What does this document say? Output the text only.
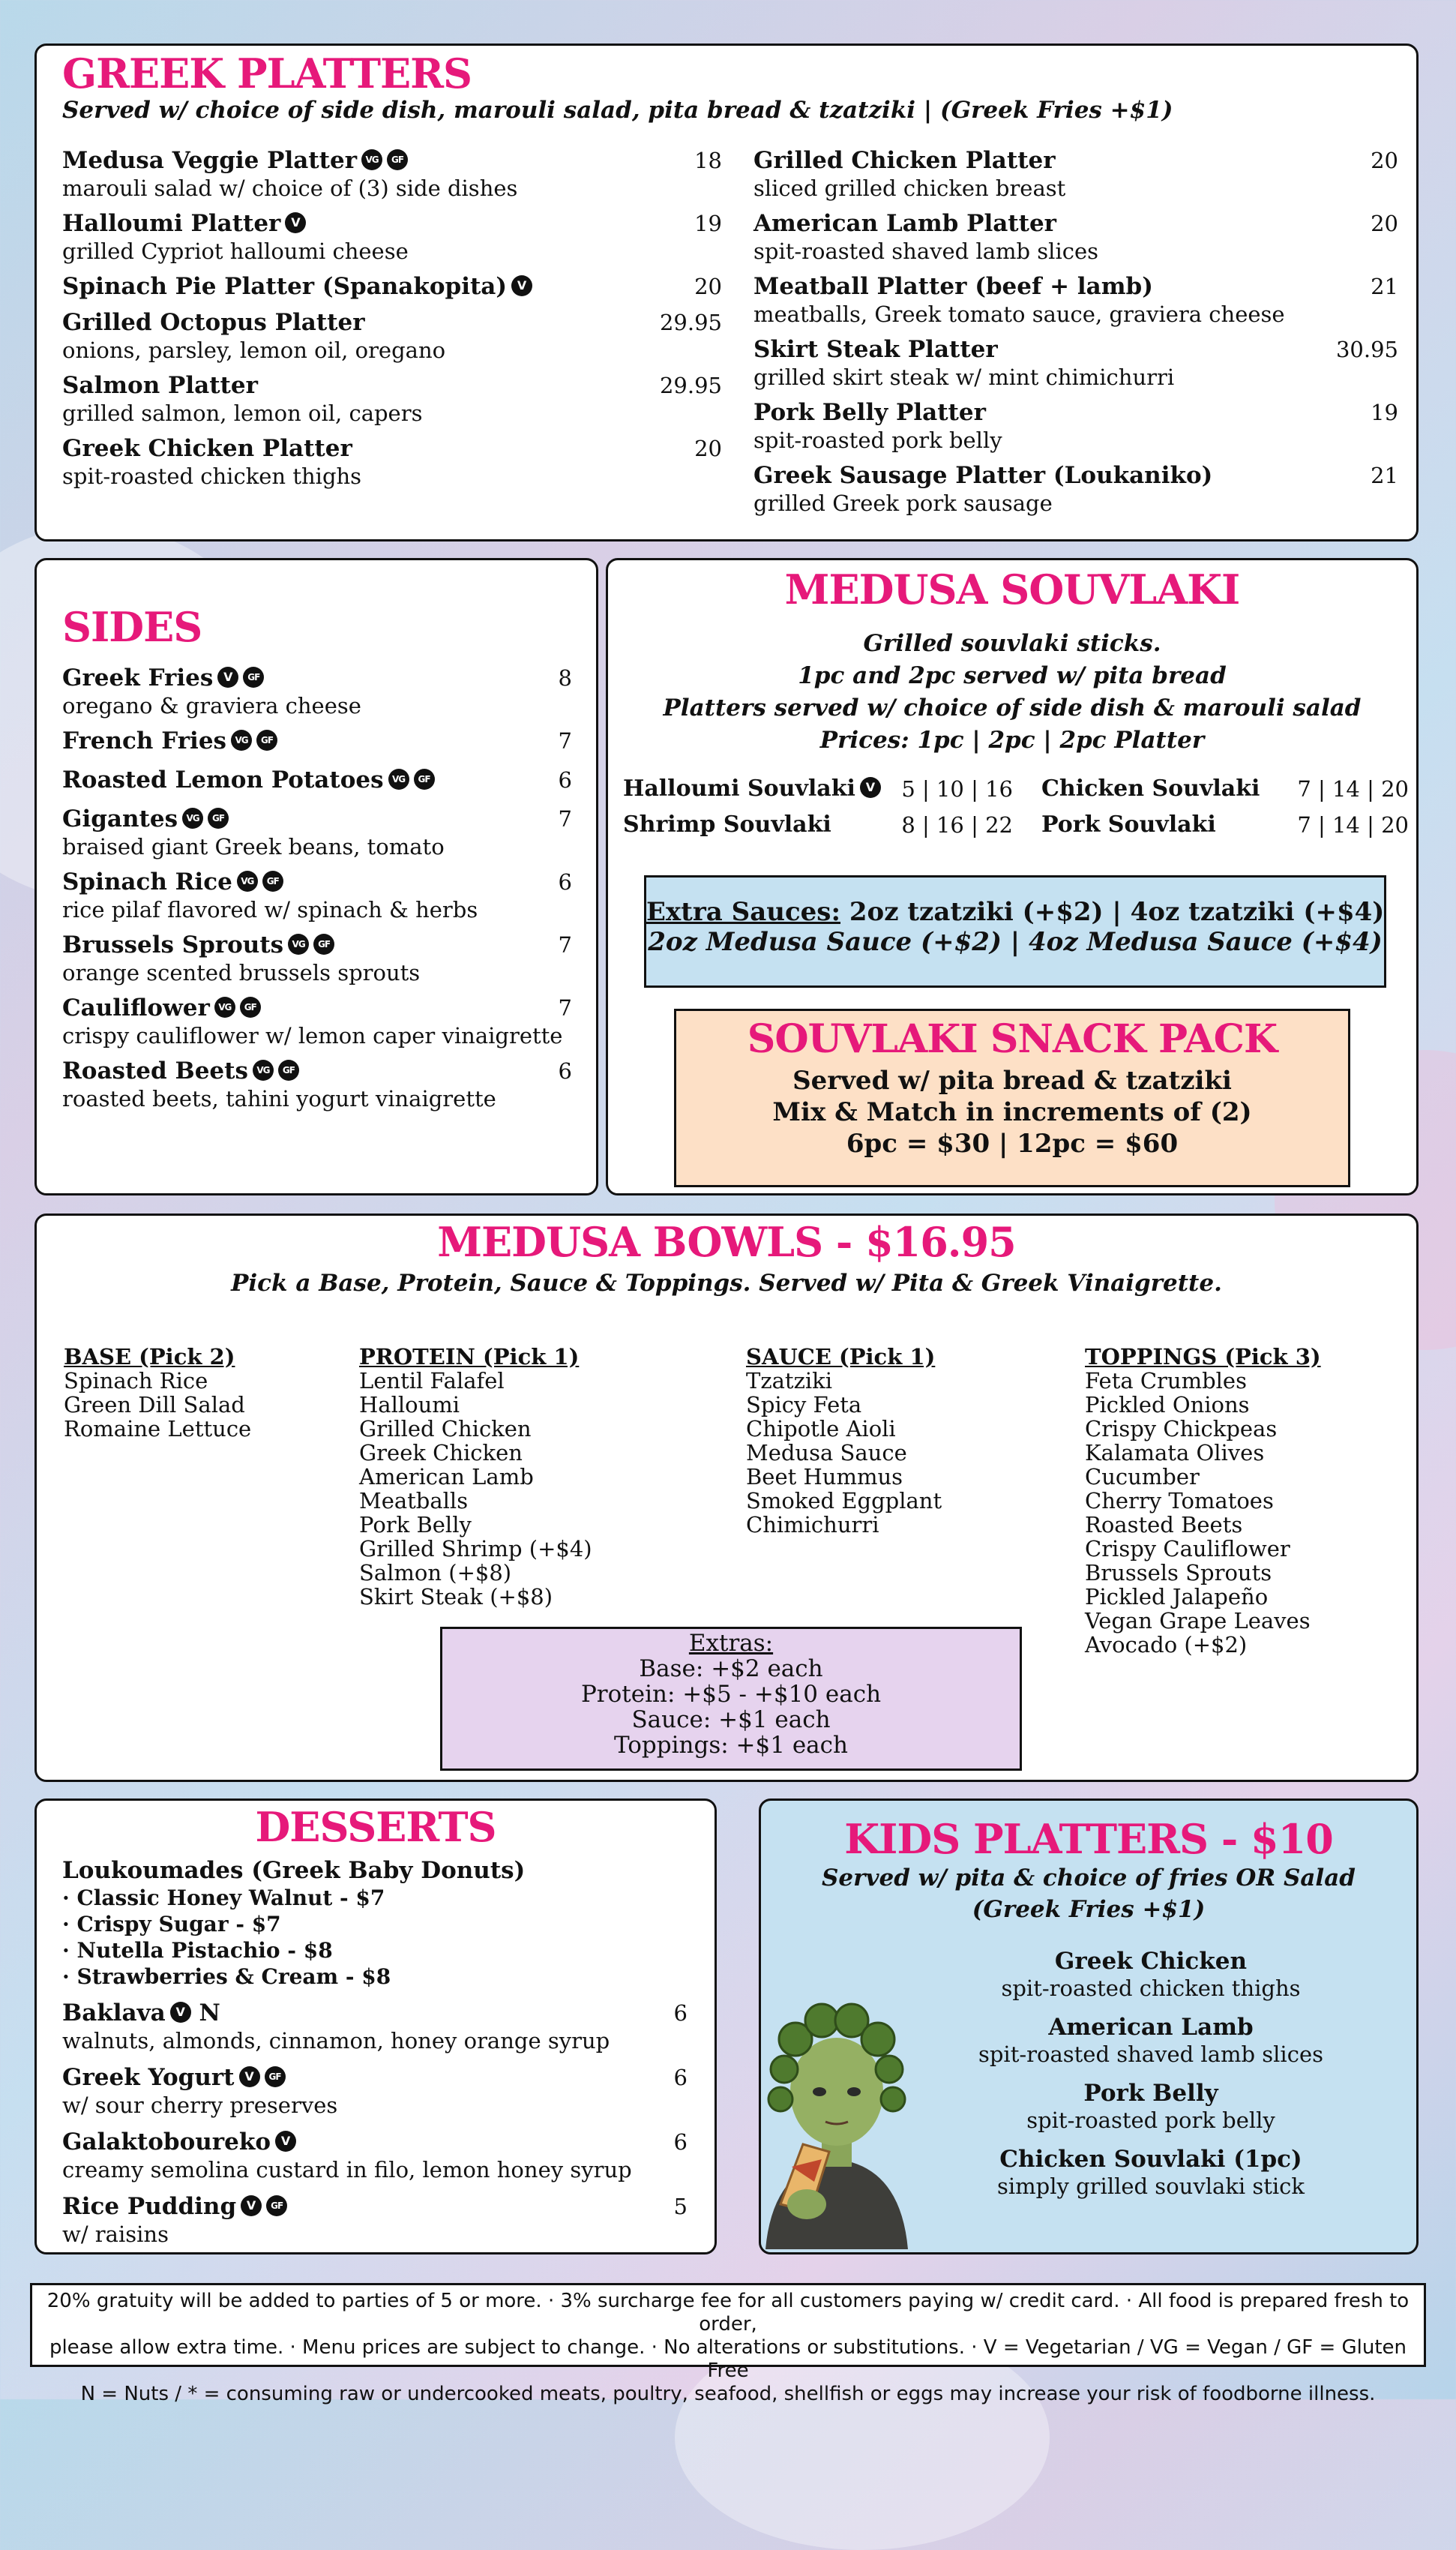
GREEK PLATTERS
Served w/ choice of side dish, marouli salad, pita bread & tzatziki | (Greek Fries +$1)
Medusa Veggie Platter VG GF
marouli salad w/ choice of (3) side dishes
18
Halloumi Platter V
grilled Cypriot halloumi cheese
19
Spinach Pie Platter (Spanakopita) V	20
Grilled Octopus Platter
onions, parsley, lemon oil, oregano
29.95
Salmon Platter
grilled salmon, lemon oil, capers
29.95
Greek Chicken Platter
spit-roasted chicken thighs
20
Grilled Chicken Platter
sliced grilled chicken breast
20
American Lamb Platter
spit-roasted shaved lamb slices
20
Meatball Platter (beef + lamb)
meatballs, Greek tomato sauce, graviera cheese
21
Skirt Steak Platter
grilled skirt steak w/ mint chimichurri
30.95
Pork Belly Platter
spit-roasted pork belly
19
Greek Sausage Platter (Loukaniko)
grilled Greek pork sausage
21
SIDES
Greek Fries V GF
oregano & graviera cheese
8
French Fries VG GF	7
Roasted Lemon Potatoes VG GF	6
Gigantes VG GF
braised giant Greek beans, tomato
7
Spinach Rice VG GF
rice pilaf flavored w/ spinach & herbs
6
Brussels Sprouts VG GF
orange scented brussels sprouts
7
Cauliflower VG GF
crispy cauliflower w/ lemon caper vinaigrette
7
Roasted Beets VG GF
roasted beets, tahini yogurt vinaigrette
6
MEDUSA SOUVLAKI
Grilled souvlaki sticks.
1pc and 2pc served w/ pita bread
Platters served w/ choice of side dish & marouli salad
Prices: 1pc | 2pc | 2pc Platter
Halloumi Souvlaki V	5 | 10 | 16 Chicken Souvlaki	7 | 14 | 20
Shrimp Souvlaki	8 | 16 | 22 Pork Souvlaki	7 | 14 | 20
Extra Sauces: 2oz tzatziki (+$2) | 4oz tzatziki (+$4)
2oz Medusa Sauce (+$2) | 4oz Medusa Sauce (+$4)
SOUVLAKI SNACK PACK
Served w/ pita bread & tzatziki
Mix & Match in increments of (2)
6pc = $30 | 12pc = $60
MEDUSA BOWLS - $16.95
Pick a Base, Protein, Sauce & Toppings. Served w/ Pita & Greek Vinaigrette.
BASE (Pick 2)
Spinach Rice
Green Dill Salad
Romaine Lettuce
PROTEIN (Pick 1)
Lentil Falafel
Halloumi
Grilled Chicken
Greek Chicken
American Lamb
Meatballs
Pork Belly
Grilled Shrimp (+$4)
Salmon (+$8)
Skirt Steak (+$8)
SAUCE (Pick 1)
Tzatziki
Spicy Feta
Chipotle Aioli
Medusa Sauce
Beet Hummus
Smoked Eggplant
Chimichurri
TOPPINGS (Pick 3)
Feta Crumbles
Pickled Onions
Crispy Chickpeas
Kalamata Olives
Cucumber
Cherry Tomatoes
Roasted Beets
Crispy Cauliflower
Brussels Sprouts
Pickled Jalapeño
Vegan Grape Leaves
Avocado (+$2)
Extras:
Base: +$2 each
Protein: +$5 - +$10 each
Sauce: +$1 each
Toppings: +$1 each
DESSERTS
Loukoumades (Greek Baby Donuts)
· Classic Honey Walnut - $7
· Crispy Sugar - $7
· Nutella Pistachio - $8
· Strawberries & Cream - $8
Baklava V N
walnuts, almonds, cinnamon, honey orange syrup
6
Greek Yogurt V GF
w/ sour cherry preserves
6
Galaktoboureko V
creamy semolina custard in filo, lemon honey syrup
6
Rice Pudding V GF
w/ raisins
5
KIDS PLATTERS - $10
Served w/ pita & choice of fries OR Salad
(Greek Fries +$1)
Greek Chicken
spit-roasted chicken thighs
American Lamb
spit-roasted shaved lamb slices
Pork Belly
spit-roasted pork belly
Chicken Souvlaki (1pc)
simply grilled souvlaki stick
20% gratuity will be added to parties of 5 or more. · 3% surcharge fee for all customers paying w/ credit card. · All food is prepared fresh to order,
please allow extra time. · Menu prices are subject to change. · No alterations or substitutions. · V = Vegetarian / VG = Vegan / GF = Gluten Free
N = Nuts / * = consuming raw or undercooked meats, poultry, seafood, shellfish or eggs may increase your risk of foodborne illness.
